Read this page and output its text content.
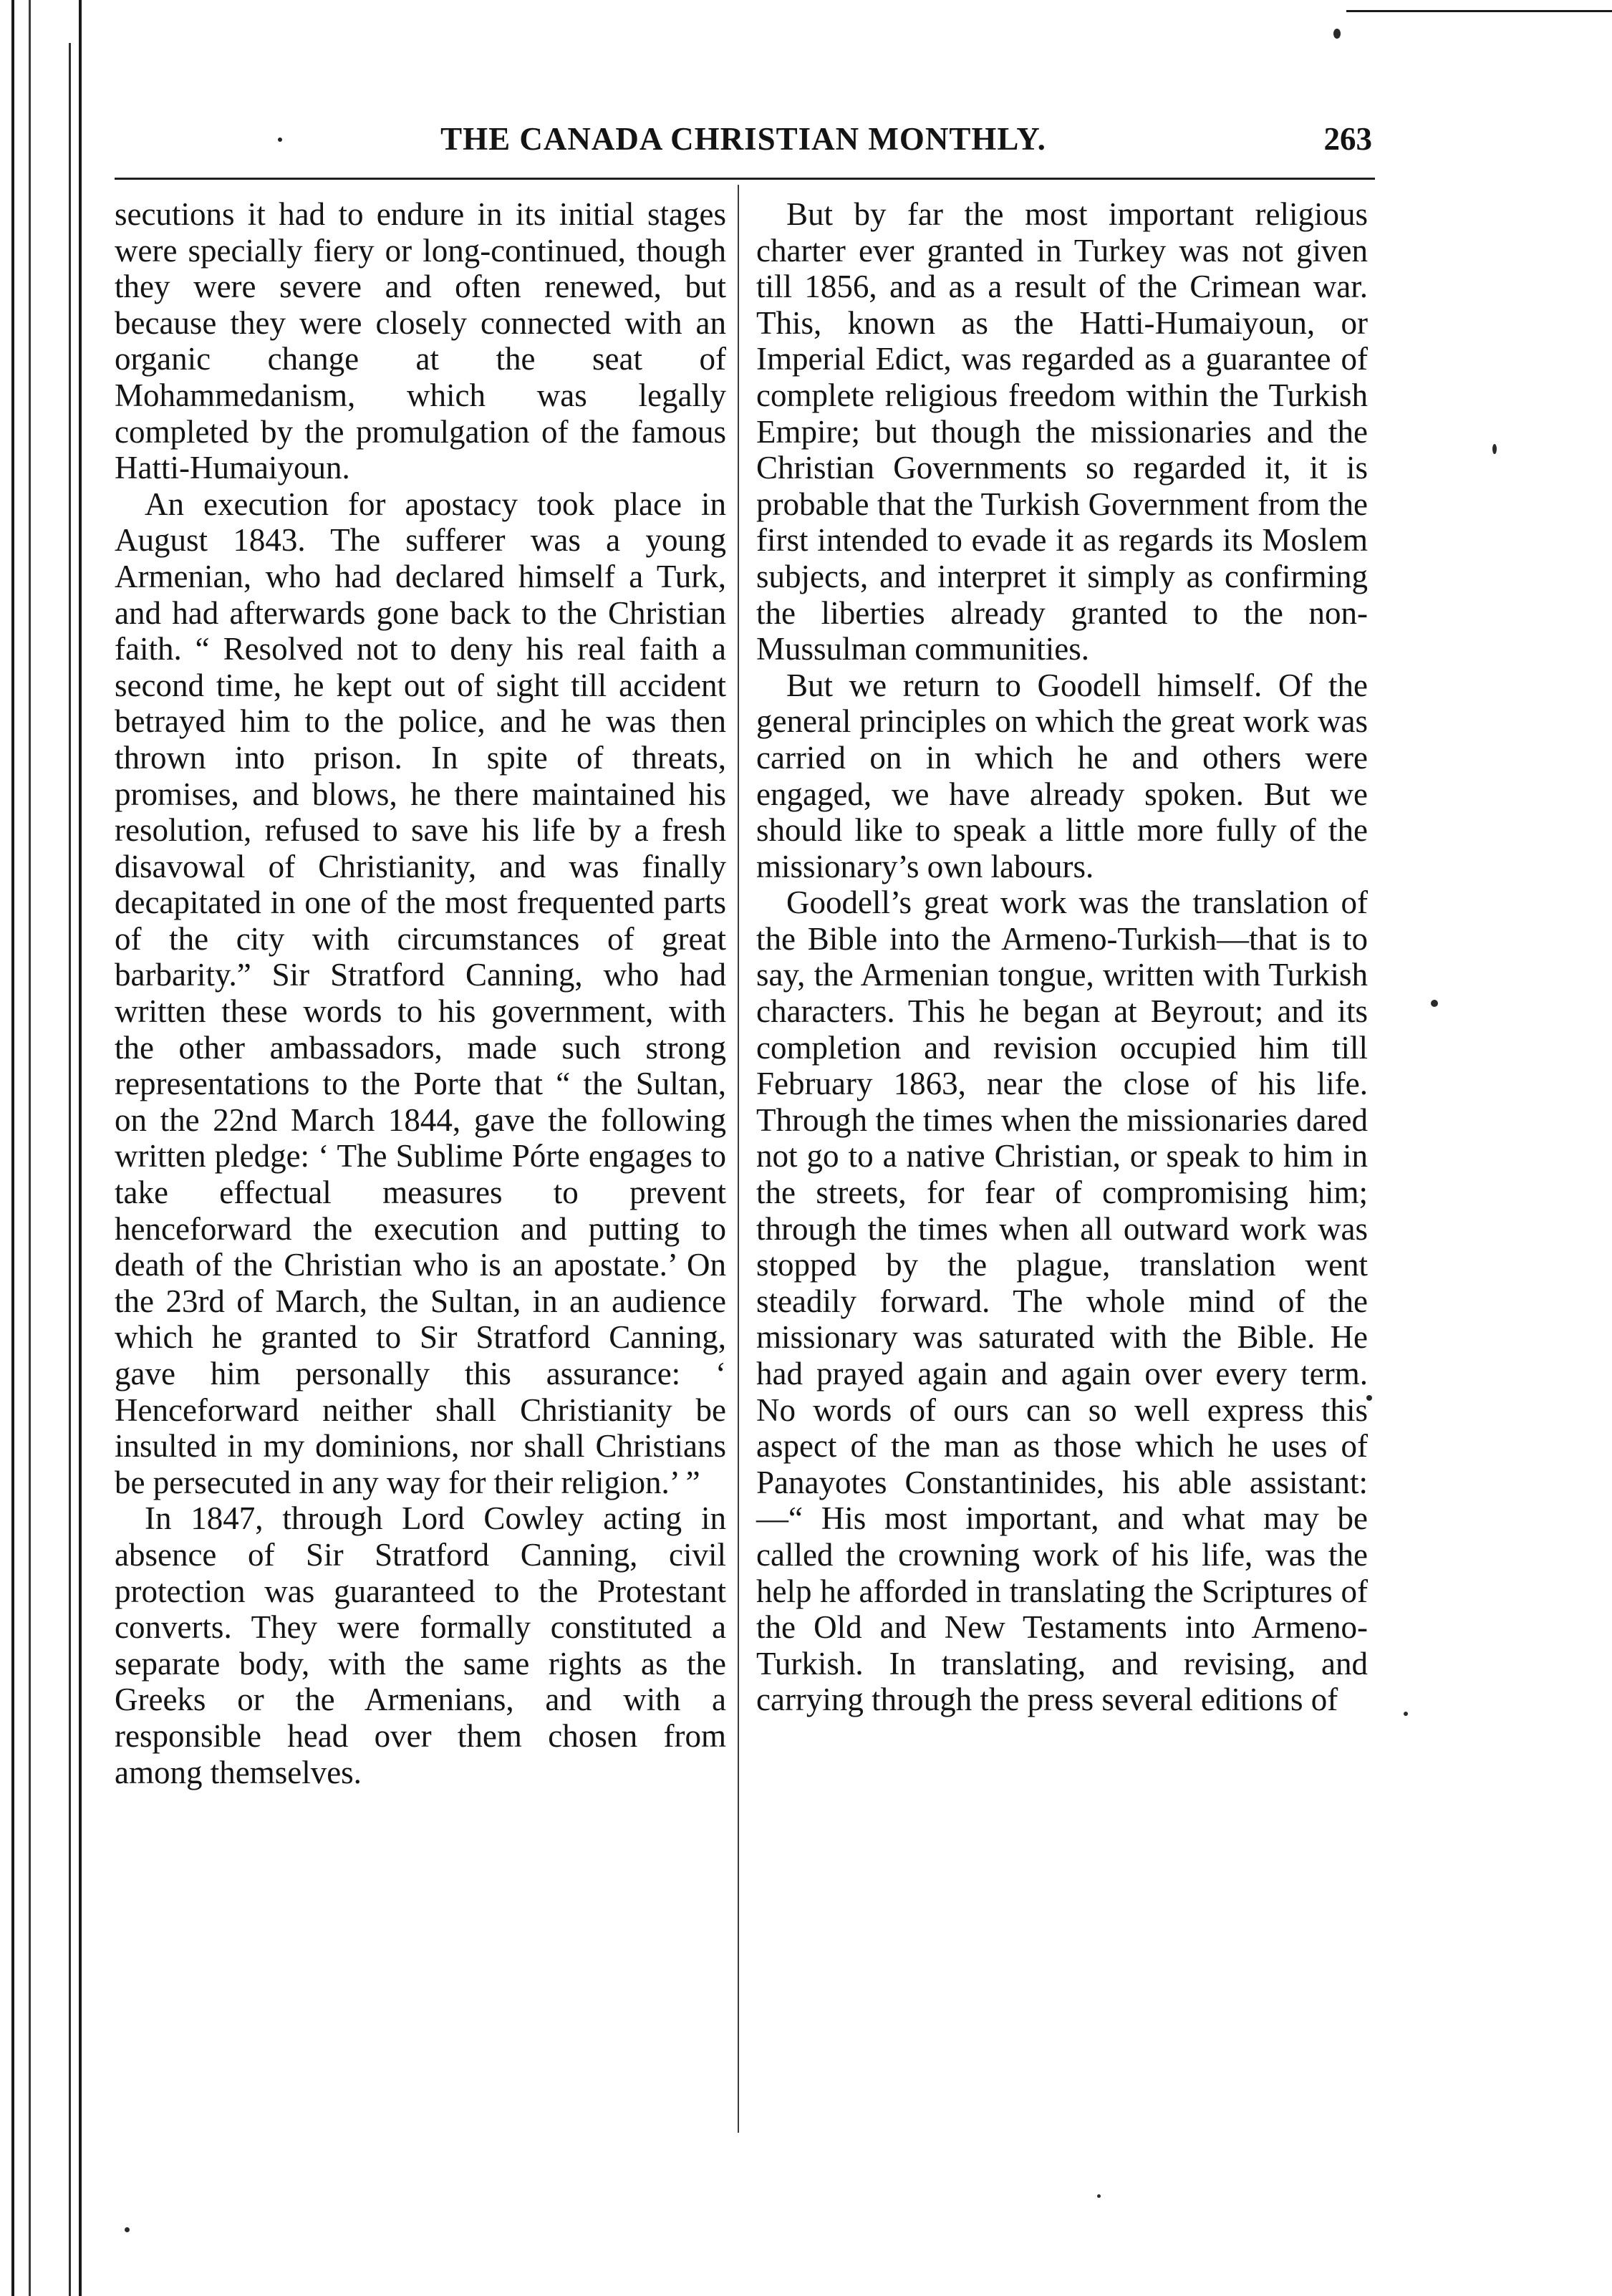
THE CANADA CHRISTIAN MONTHLY.	263

secutions it had to endure in its initial stages were specially fiery or long-continued, though they were severe and often renewed, but because they were closely connected with an organic change at the seat of Mohammedanism, which was legally completed by the promulgation of the famous Hatti-Humaiyoun.

An execution for apostacy took place in August 1843. The sufferer was a young Armenian, who had declared himself a Turk, and had afterwards gone back to the Christian faith. “ Resolved not to deny his real faith a second time, he kept out of sight till accident betrayed him to the police, and he was then thrown into prison. In spite of threats, promises, and blows, he there maintained his resolution, refused to save his life by a fresh disavowal of Christianity, and was finally decapitated in one of the most frequented parts of the city with circumstances of great barbarity.” Sir Stratford Canning, who had written these words to his government, with the other ambassadors, made such strong representations to the Porte that “ the Sultan, on the 22nd March 1844, gave the following written pledge: ‘ The Sublime Pórte engages to take effectual measures to prevent henceforward the execution and putting to death of the Christian who is an apostate.’ On the 23rd of March, the Sultan, in an audience which he granted to Sir Stratford Canning, gave him personally this assurance: ‘ Henceforward neither shall Christianity be insulted in my dominions, nor shall Christians be persecuted in any way for their religion.’ ”

In 1847, through Lord Cowley acting in absence of Sir Stratford Canning, civil protection was guaranteed to the Protestant converts. They were formally constituted a separate body, with the same rights as the Greeks or the Armenians, and with a responsible head over them chosen from among themselves.

But by far the most important religious charter ever granted in Turkey was not given till 1856, and as a result of the Crimean war. This, known as the Hatti-Humaiyoun, or Imperial Edict, was regarded as a guarantee of complete religious freedom within the Turkish Empire; but though the missionaries and the Christian Governments so regarded it, it is probable that the Turkish Government from the first intended to evade it as regards its Moslem subjects, and interpret it simply as confirming the liberties already granted to the non-Mussulman communities.

But we return to Goodell himself. Of the general principles on which the great work was carried on in which he and others were engaged, we have already spoken. But we should like to speak a little more fully of the missionary’s own labours.

Goodell’s great work was the translation of the Bible into the Armeno-Turkish—that is to say, the Armenian tongue, written with Turkish characters. This he began at Beyrout; and its completion and revision occupied him till February 1863, near the close of his life. Through the times when the missionaries dared not go to a native Christian, or speak to him in the streets, for fear of compromising him; through the times when all outward work was stopped by the plague, translation went steadily forward. The whole mind of the missionary was saturated with the Bible. He had prayed again and again over every term. No words of ours can so well express this aspect of the man as those which he uses of Panayotes Constantinides, his able assistant:—“ His most important, and what may be called the crowning work of his life, was the help he afforded in translating the Scriptures of the Old and New Testaments into Armeno-Turkish. In translating, and revising, and carrying through the press several editions of
